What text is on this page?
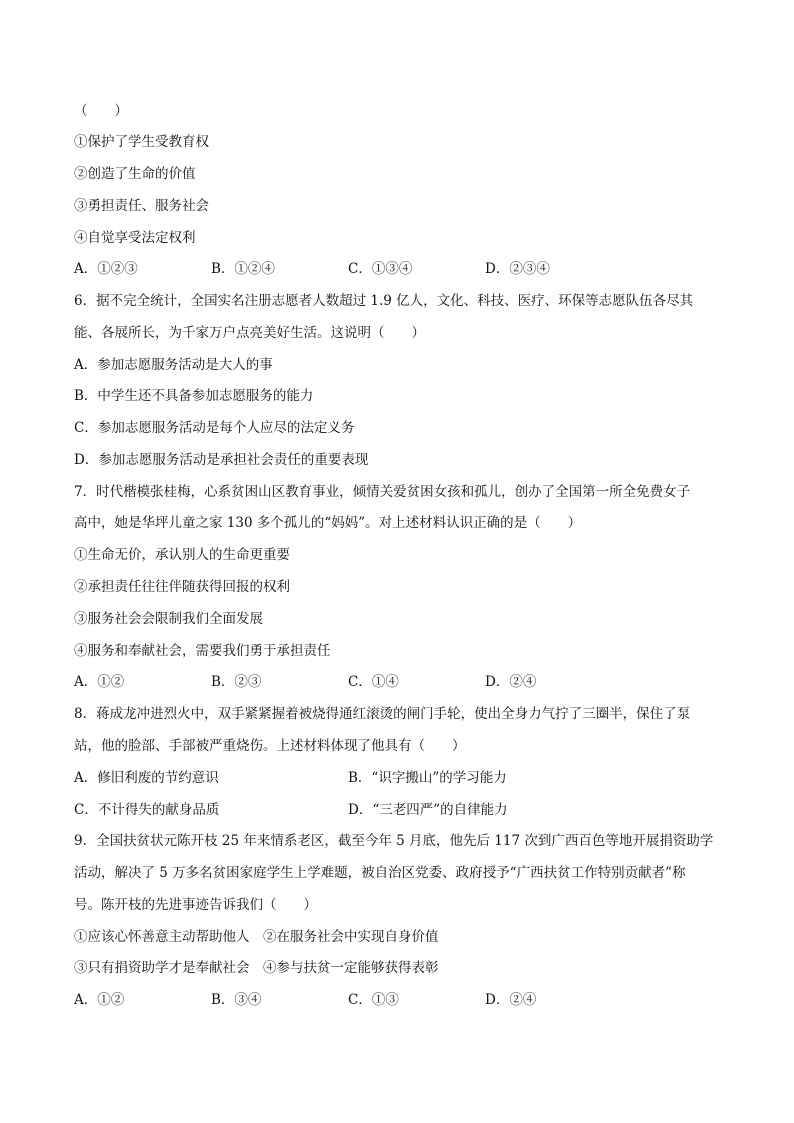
（　　）
①保护了学生受教育权
②创造了生命的价值
③勇担责任、服务社会
④自觉享受法定权利
A．①②③	B．①②④	C．①③④	D．②③④
6．据不完全统计，全国实名注册志愿者人数超过 1.9 亿人，文化、科技、医疗、环保等志愿队伍各尽其
能、各展所长，为千家万户点亮美好生活。这说明（　　）
A．参加志愿服务活动是大人的事
B．中学生还不具备参加志愿服务的能力
C．参加志愿服务活动是每个人应尽的法定义务
D．参加志愿服务活动是承担社会责任的重要表现
7．时代楷模张桂梅，心系贫困山区教育事业，倾情关爱贫困女孩和孤儿，创办了全国第一所全免费女子
高中，她是华坪儿童之家 130 多个孤儿的“妈妈”。对上述材料认识正确的是（　　）
①生命无价，承认别人的生命更重要
②承担责任往往伴随获得回报的权利
③服务社会会限制我们全面发展
④服务和奉献社会，需要我们勇于承担责任
A．①②	B．②③	C．①④	D．②④
8．蒋成龙冲进烈火中，双手紧紧握着被烧得通红滚烫的闸门手轮，使出全身力气拧了三圈半，保住了泵
站，他的脸部、手部被严重烧伤。上述材料体现了他具有（　　）
A．修旧利废的节约意识	B．“识字搬山”的学习能力
C．不计得失的献身品质	D．“三老四严”的自律能力
9．全国扶贫状元陈开枝 25 年来情系老区，截至今年 5 月底，他先后 117 次到广西百色等地开展捐资助学
活动，解决了 5 万多名贫困家庭学生上学难题，被自治区党委、政府授予“广西扶贫工作特别贡献者”称
号。陈开枝的先进事迹告诉我们（　　）
①应该心怀善意主动帮助他人　②在服务社会中实现自身价值
③只有捐资助学才是奉献社会　④参与扶贫一定能够获得表彰
A．①②	B．③④	C．①③	D．②④
